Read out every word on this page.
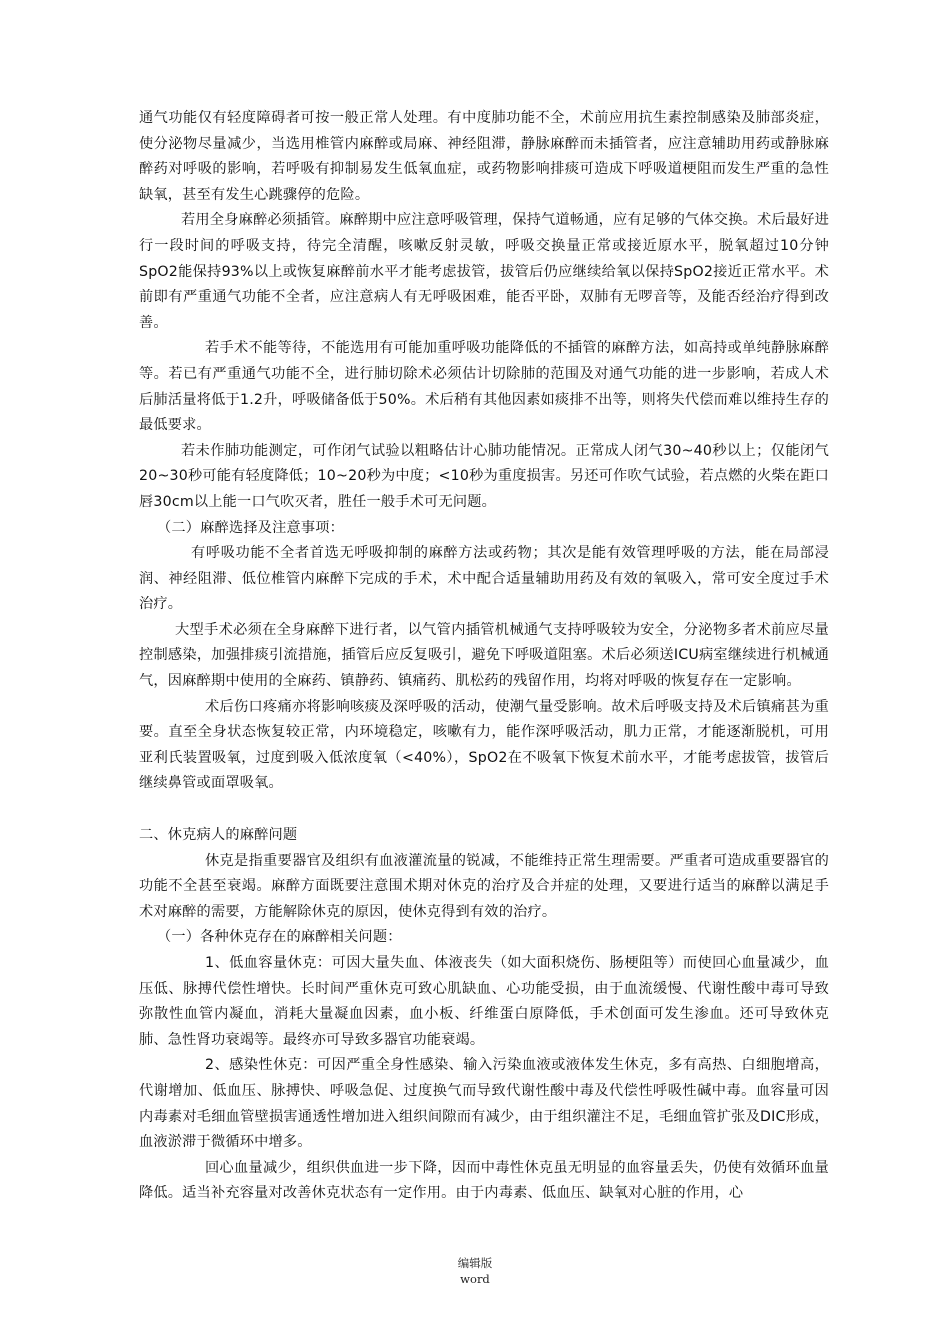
通气功能仅有轻度障碍者可按一般正常人处理。有中度肺功能不全，术前应用抗生素控制感染及肺部炎症，使分泌物尽量减少，当选用椎管内麻醉或局麻、神经阻滞，静脉麻醉而未插管者，应注意辅助用药或静脉麻醉药对呼吸的影响，若呼吸有抑制易发生低氧血症，或药物影响排痰可造成下呼吸道梗阻而发生严重的急性缺氧，甚至有发生心跳骤停的危险。

若用全身麻醉必须插管。麻醉期中应注意呼吸管理，保持气道畅通，应有足够的气体交换。术后最好进行一段时间的呼吸支持，待完全清醒，咳嗽反射灵敏，呼吸交换量正常或接近原水平，脱氧超过10分钟SpO2能保持93%以上或恢复麻醉前水平才能考虑拔管，拔管后仍应继续给氧以保持SpO2接近正常水平。术前即有严重通气功能不全者，应注意病人有无呼吸困难，能否平卧，双肺有无啰音等，及能否经治疗得到改善。

若手术不能等待，不能选用有可能加重呼吸功能降低的不插管的麻醉方法，如高持或单纯静脉麻醉等。若已有严重通气功能不全，进行肺切除术必须估计切除肺的范围及对通气功能的进一步影响，若成人术后肺活量将低于1.2升，呼吸储备低于50%。术后稍有其他因素如痰排不出等，则将失代偿而难以维持生存的最低要求。

若未作肺功能测定，可作闭气试验以粗略估计心肺功能情况。正常成人闭气30~40秒以上；仅能闭气20~30秒可能有轻度降低；10~20秒为中度；<10秒为重度损害。另还可作吹气试验，若点燃的火柴在距口唇30cm以上能一口气吹灭者，胜任一般手术可无问题。

（二）麻醉选择及注意事项：

有呼吸功能不全者首选无呼吸抑制的麻醉方法或药物；其次是能有效管理呼吸的方法，能在局部浸润、神经阻滞、低位椎管内麻醉下完成的手术，术中配合适量辅助用药及有效的氧吸入，常可安全度过手术治疗。

大型手术必须在全身麻醉下进行者，以气管内插管机械通气支持呼吸较为安全，分泌物多者术前应尽量控制感染，加强排痰引流措施，插管后应反复吸引，避免下呼吸道阻塞。术后必须送ICU病室继续进行机械通气，因麻醉期中使用的全麻药、镇静药、镇痛药、肌松药的残留作用，均将对呼吸的恢复存在一定影响。

术后伤口疼痛亦将影响咳痰及深呼吸的活动，使潮气量受影响。故术后呼吸支持及术后镇痛甚为重要。直至全身状态恢复较正常，内环境稳定，咳嗽有力，能作深呼吸活动，肌力正常，才能逐渐脱机，可用亚利氏装置吸氧，过度到吸入低浓度氧（<40%），SpO2在不吸氧下恢复术前水平，才能考虑拔管，拔管后继续鼻管或面罩吸氧。

二、休克病人的麻醉问题

休克是指重要器官及组织有血液灌流量的锐减，不能维持正常生理需要。严重者可造成重要器官的功能不全甚至衰竭。麻醉方面既要注意围术期对休克的治疗及合并症的处理，又要进行适当的麻醉以满足手术对麻醉的需要，方能解除休克的原因，使休克得到有效的治疗。

（一）各种休克存在的麻醉相关问题：

1、低血容量休克：可因大量失血、体液丧失（如大面积烧伤、肠梗阻等）而使回心血量减少，血压低、脉搏代偿性增快。长时间严重休克可致心肌缺血、心功能受损，由于血流缓慢、代谢性酸中毒可导致弥散性血管内凝血，消耗大量凝血因素，血小板、纤维蛋白原降低，手术创面可发生渗血。还可导致休克肺、急性肾功衰竭等。最终亦可导致多器官功能衰竭。

2、感染性休克：可因严重全身性感染、输入污染血液或液体发生休克，多有高热、白细胞增高，代谢增加、低血压、脉搏快、呼吸急促、过度换气而导致代谢性酸中毒及代偿性呼吸性碱中毒。血容量可因内毒素对毛细血管壁损害通透性增加进入组织间隙而有减少，由于组织灌注不足，毛细血管扩张及DIC形成，血液淤滞于微循环中增多。

回心血量减少，组织供血进一步下降，因而中毒性休克虽无明显的血容量丢失，仍使有效循环血量降低。适当补充容量对改善休克状态有一定作用。由于内毒素、低血压、缺氧对心脏的作用，心

编辑版
word
